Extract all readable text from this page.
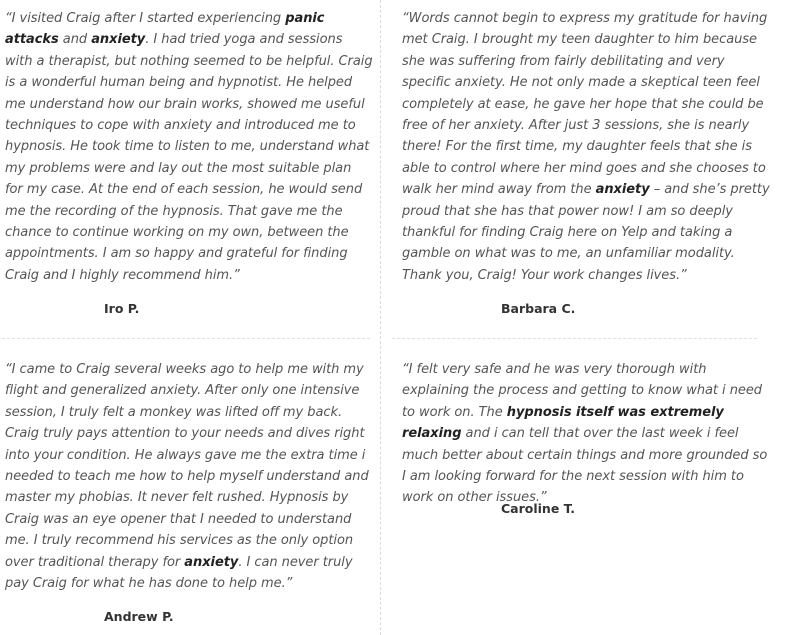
“I visited Craig after I started experiencing panic attacks and anxiety. I had tried yoga and sessions with a therapist, but nothing seemed to be helpful. Craig is a wonderful human being and hypnotist. He helped me understand how our brain works, showed me useful techniques to cope with anxiety and introduced me to hypnosis. He took time to listen to me, understand what my problems were and lay out the most suitable plan for my case. At the end of each session, he would send me the recording of the hypnosis. That gave me the chance to continue working on my own, between the appointments. I am so happy and grateful for finding Craig and I highly recommend him.”

Iro P.

“Words cannot begin to express my gratitude for having met Craig. I brought my teen daughter to him because she was suffering from fairly debilitating and very specific anxiety. He not only made a skeptical teen feel completely at ease, he gave her hope that she could be free of her anxiety. After just 3 sessions, she is nearly there! For the first time, my daughter feels that she is able to control where her mind goes and she chooses to walk her mind away from the anxiety – and she’s pretty proud that she has that power now! I am so deeply thankful for finding Craig here on Yelp and taking a gamble on what was to me, an unfamiliar modality. Thank you, Craig! Your work changes lives.”

Barbara C.

“I came to Craig several weeks ago to help me with my flight and generalized anxiety. After only one intensive session, I truly felt a monkey was lifted off my back. Craig truly pays attention to your needs and dives right into your condition. He always gave me the extra time i needed to teach me how to help myself understand and master my phobias. It never felt rushed. Hypnosis by Craig was an eye opener that I needed to understand me. I truly recommend his services as the only option over traditional therapy for anxiety. I can never truly pay Craig for what he has done to help me.”

Andrew P.

“I felt very safe and he was very thorough with explaining the process and getting to know what i need to work on. The hypnosis itself was extremely relaxing and i can tell that over the last week i feel much better about certain things and more grounded so I am looking forward for the next session with him to work on other issues.”

Caroline T.
